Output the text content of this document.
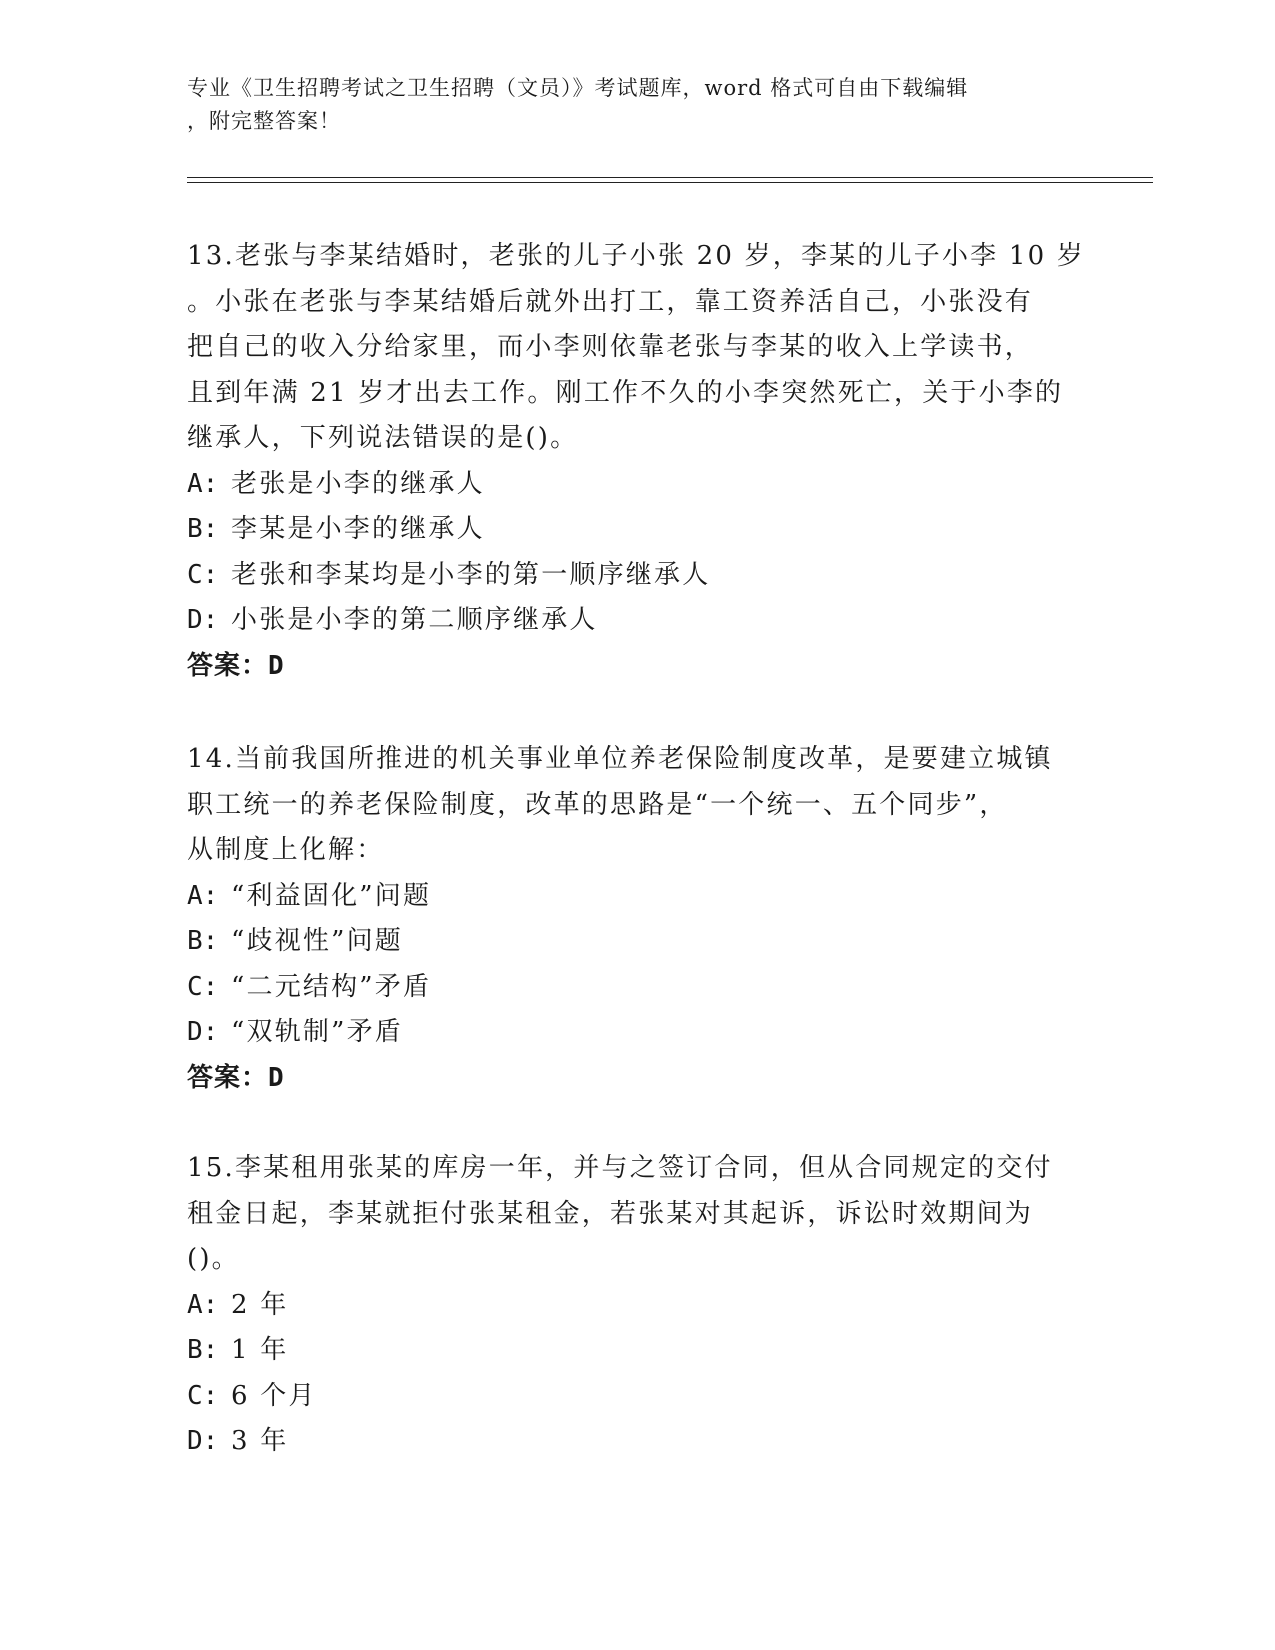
专业《卫生招聘考试之卫生招聘（文员）》考试题库，word 格式可自由下载编辑
，附完整答案！
13.老张与李某结婚时，老张的儿子小张 20 岁，李某的儿子小李 10 岁
。小张在老张与李某结婚后就外出打工，靠工资养活自己，小张没有
把自己的收入分给家里，而小李则依靠老张与李某的收入上学读书，
且到年满 21 岁才出去工作。刚工作不久的小李突然死亡，关于小李的
继承人，下列说法错误的是()。
A: 老张是小李的继承人
B: 李某是小李的继承人
C: 老张和李某均是小李的第一顺序继承人
D: 小张是小李的第二顺序继承人
答案：D
14.当前我国所推进的机关事业单位养老保险制度改革，是要建立城镇
职工统一的养老保险制度，改革的思路是“一个统一、五个同步”，
从制度上化解：
A: “利益固化”问题
B: “歧视性”问题
C: “二元结构”矛盾
D: “双轨制”矛盾
答案：D
15.李某租用张某的库房一年，并与之签订合同，但从合同规定的交付
租金日起，李某就拒付张某租金，若张某对其起诉，诉讼时效期间为
()。
A: 2 年
B: 1 年
C: 6 个月
D: 3 年
